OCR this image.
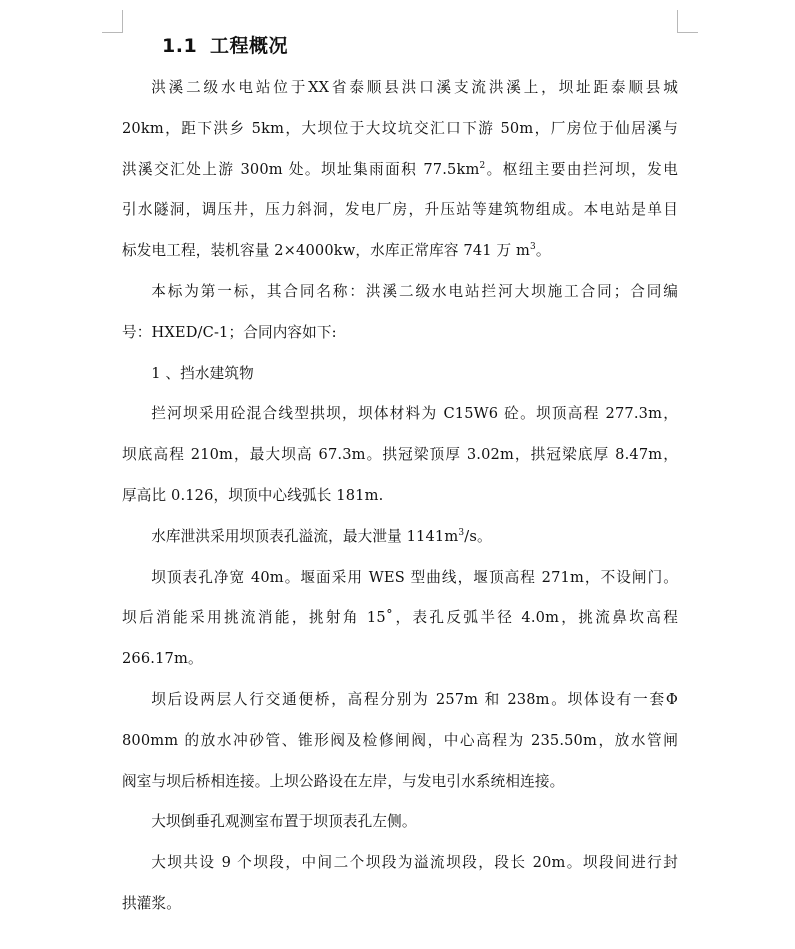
1.1 工程概况

洪溪二级水电站位于XX省泰顺县洪口溪支流洪溪上，坝址距泰顺县城

20km，距下洪乡 5km，大坝位于大坟坑交汇口下游 50m，厂房位于仙居溪与

洪溪交汇处上游 300m 处。坝址集雨面积 $77.5km^2$。枢纽主要由拦河坝，发电

引水隧洞，调压井，压力斜洞，发电厂房，升压站等建筑物组成。本电站是单目

标发电工程，装机容量 2×4000kw，水库正常库容 741 万 $m^3$。

本标为第一标，其合同名称：洪溪二级水电站拦河大坝施工合同；合同编

号：HXED/C-1；合同内容如下:

1 、挡水建筑物

拦河坝采用砼混合线型拱坝，坝体材料为 C15W6 砼。坝顶高程 277.3m，

坝底高程 210m，最大坝高 67.3m。拱冠梁顶厚 3.02m，拱冠梁底厚 8.47m，

厚高比 0.126，坝顶中心线弧长 181m.

水库泄洪采用坝顶表孔溢流，最大泄量 $1141m^3/s$。

坝顶表孔净宽 40m。堰面采用 WES 型曲线，堰顶高程 271m，不设闸门。

坝后消能采用挑流消能，挑射角 15˚，表孔反弧半径 4.0m，挑流鼻坎高程

266.17m。

坝后设两层人行交通便桥，高程分别为 257m 和 238m。坝体设有一套Φ

800mm 的放水冲砂管、锥形阀及检修闸阀，中心高程为 235.50m，放水管闸

阀室与坝后桥相连接。上坝公路设在左岸，与发电引水系统相连接。

大坝倒垂孔观测室布置于坝顶表孔左侧。

大坝共设 9 个坝段，中间二个坝段为溢流坝段，段长 20m。坝段间进行封

拱灌浆。
